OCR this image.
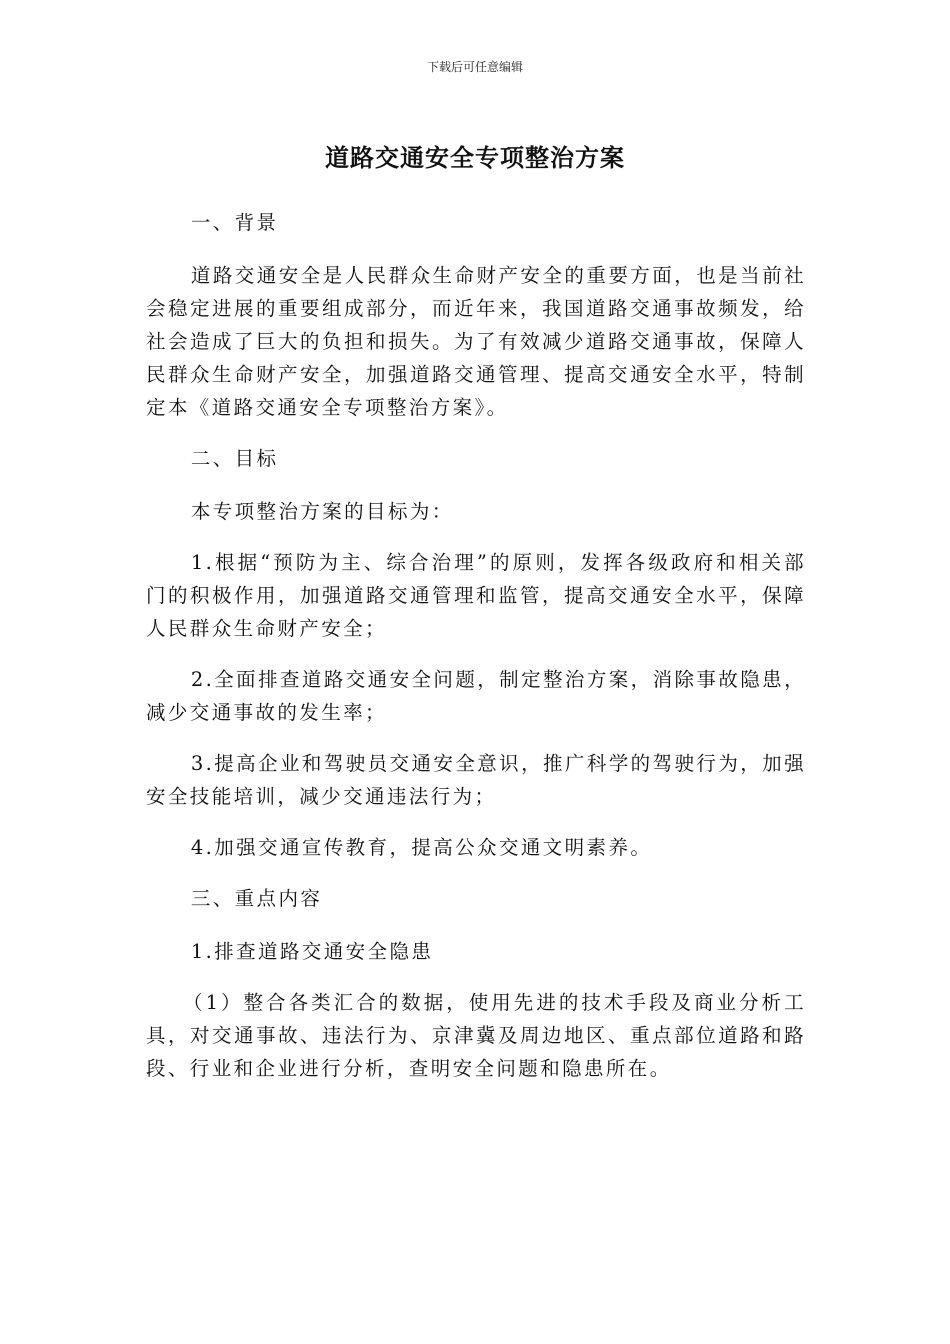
下载后可任意编辑
道路交通安全专项整治方案

一、背景

道路交通安全是人民群众生命财产安全的重要方面，也是当前社会稳定进展的重要组成部分，而近年来，我国道路交通事故频发，给社会造成了巨大的负担和损失。为了有效减少道路交通事故，保障人民群众生命财产安全，加强道路交通管理、提高交通安全水平，特制定本《道路交通安全专项整治方案》。

二、目标

本专项整治方案的目标为：

1.根据“预防为主、综合治理”的原则，发挥各级政府和相关部门的积极作用，加强道路交通管理和监管，提高交通安全水平，保障人民群众生命财产安全；

2.全面排查道路交通安全问题，制定整治方案，消除事故隐患，减少交通事故的发生率；

3.提高企业和驾驶员交通安全意识，推广科学的驾驶行为，加强安全技能培训，减少交通违法行为；

4.加强交通宣传教育，提高公众交通文明素养。

三、重点内容

1.排查道路交通安全隐患

（1）整合各类汇合的数据，使用先进的技术手段及商业分析工具，对交通事故、违法行为、京津冀及周边地区、重点部位道路和路段、行业和企业进行分析，查明安全问题和隐患所在。
